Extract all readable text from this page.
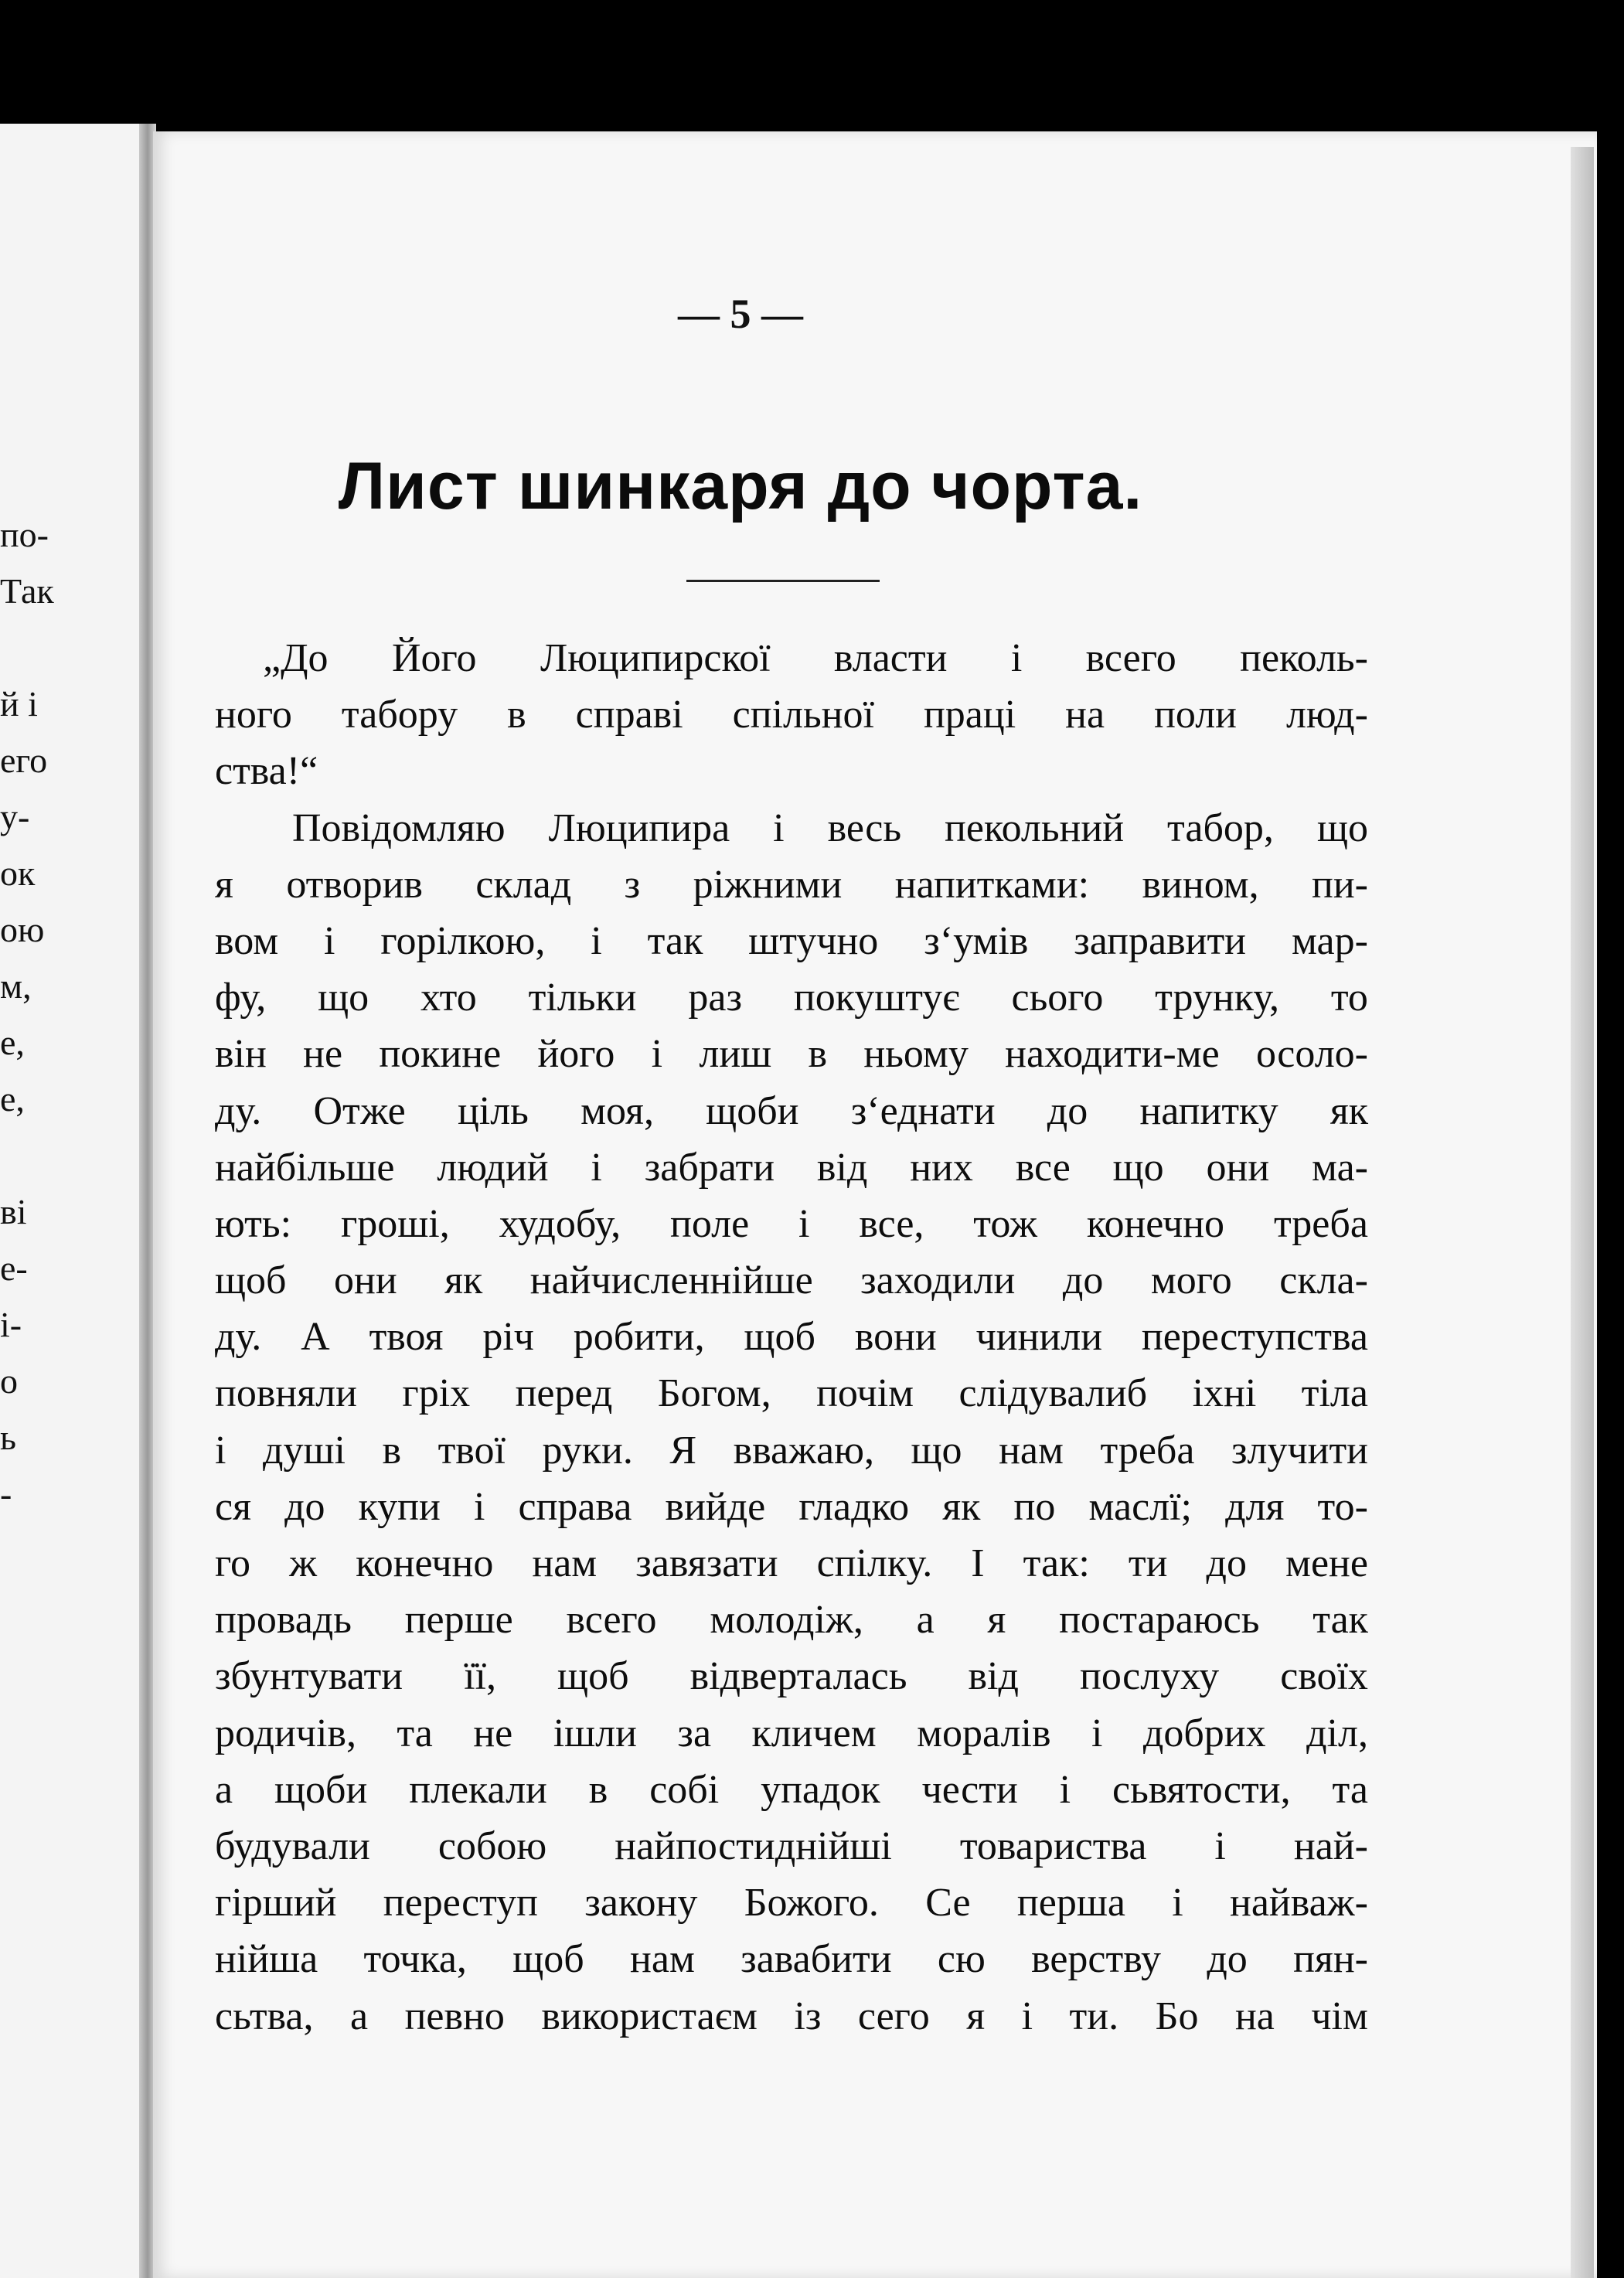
по-
Так
й і
его
у-
ок
ою
м,
е,
е,
ві
е-
і-
о
ь
-
— 5 —
Лист шинкаря до чорта.
„До Його Люципирскої власти і всего пеколь-
ного табору в справі спільної праці на поли люд-
ства!“
Повідомляю Люципира і весь пекольний табор, що
я отворив склад з ріжними напитками: вином, пи-
вом і горілкою, і так штучно з‘умів заправити мар-
фу, що хто тільки раз покуштує сього трунку, то
він не покине його і лиш в ньому находити-ме осоло-
ду. Отже ціль моя, щоби з‘еднати до напитку як
найбільше людий і забрати від них все що они ма-
ють: гроші, худобу, поле і все, тож конечно треба
щоб они як найчисленнійше заходили до мого скла-
ду. А твоя річ робити, щоб вони чинили переступства
повняли гріх перед Богом, почім слідувалиб іхні тіла
і душі в твої руки. Я вважаю, що нам треба злучити
ся до купи і справа вийде гладко як по маслї; для то-
го ж конечно нам завязати спілку. І так: ти до мене
провадь перше всего молодіж, а я постараюсь так
збунтувати її, щоб відверталась від послуху своїх
родичів, та не ішли за кличем моралів і добрих діл,
а щоби плекали в собі упадок чести і сьвятости, та
будували собою найпостиднійші товариства і най-
гірший переступ закону Божого. Се перша і найваж-
нійша точка, щоб нам завабити сю верству до пян-
сьтва, а певно використаєм із сего я і ти. Бо на чім
